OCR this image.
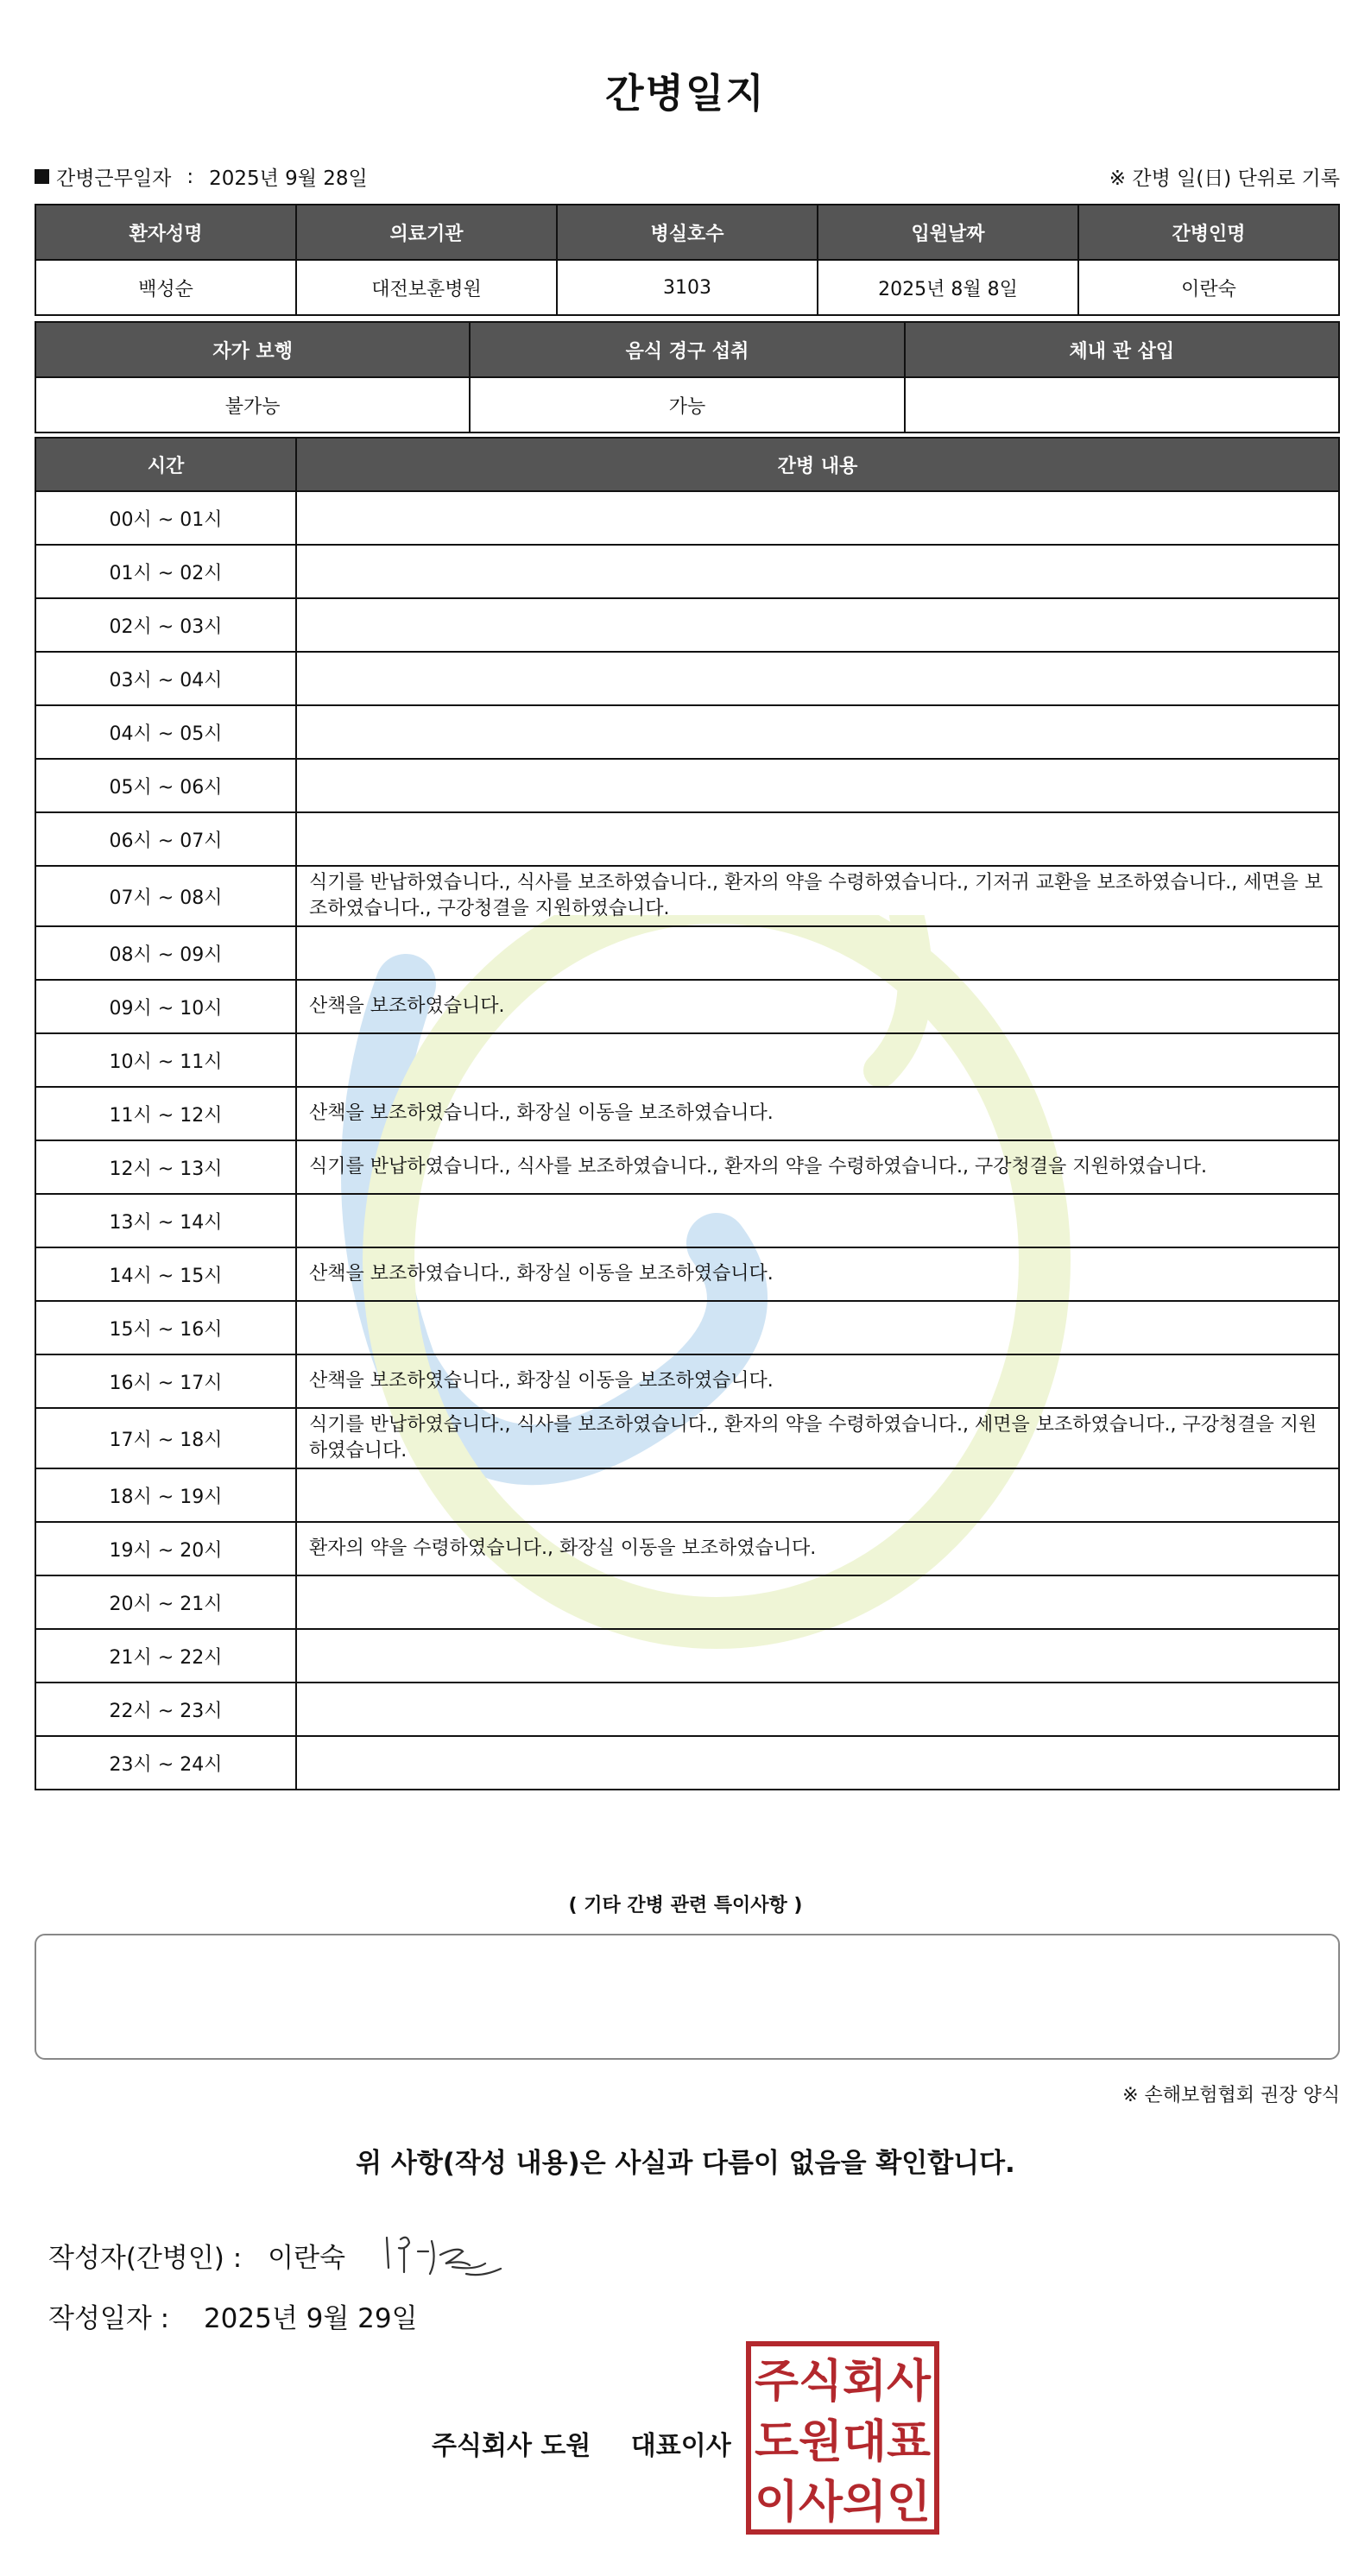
간병일지
간병근무일자 : 2025년 9월 28일	※ 간병 일(日) 단위로 기록
환자성명	의료기관	병실호수	입원날짜	간병인명
백성순	대전보훈병원	3103	2025년 8월 8일	이란숙
자가 보행	음식 경구 섭취	체내 관 삽입
불가능	가능	
시간	간병 내용
00시 ~ 01시	
01시 ~ 02시	
02시 ~ 03시	
03시 ~ 04시	
04시 ~ 05시	
05시 ~ 06시	
06시 ~ 07시	
07시 ~ 08시	식기를 반납하였습니다., 식사를 보조하였습니다., 환자의 약을 수령하였습니다., 기저귀 교환을 보조하였습니다., 세면을 보조하였습니다., 구강청결을 지원하였습니다.
08시 ~ 09시	
09시 ~ 10시	산책을 보조하였습니다.
10시 ~ 11시	
11시 ~ 12시	산책을 보조하였습니다., 화장실 이동을 보조하였습니다.
12시 ~ 13시	식기를 반납하였습니다., 식사를 보조하였습니다., 환자의 약을 수령하였습니다., 구강청결을 지원하였습니다.
13시 ~ 14시	
14시 ~ 15시	산책을 보조하였습니다., 화장실 이동을 보조하였습니다.
15시 ~ 16시	
16시 ~ 17시	산책을 보조하였습니다., 화장실 이동을 보조하였습니다.
17시 ~ 18시	식기를 반납하였습니다., 식사를 보조하였습니다., 환자의 약을 수령하였습니다., 세면을 보조하였습니다., 구강청결을 지원하였습니다.
18시 ~ 19시	
19시 ~ 20시	환자의 약을 수령하였습니다., 화장실 이동을 보조하였습니다.
20시 ~ 21시	
21시 ~ 22시	
22시 ~ 23시	
23시 ~ 24시	
( 기타 간병 관련 특이사항 )
※ 손해보험협회 권장 양식
위 사항(작성 내용)은 사실과 다름이 없음을 확인합니다.
작성자(간병인) : 이란숙
작성일자 : 2025년 9월 29일
주식회사 도원 대표이사
주식회사
도원대표
이사의인
